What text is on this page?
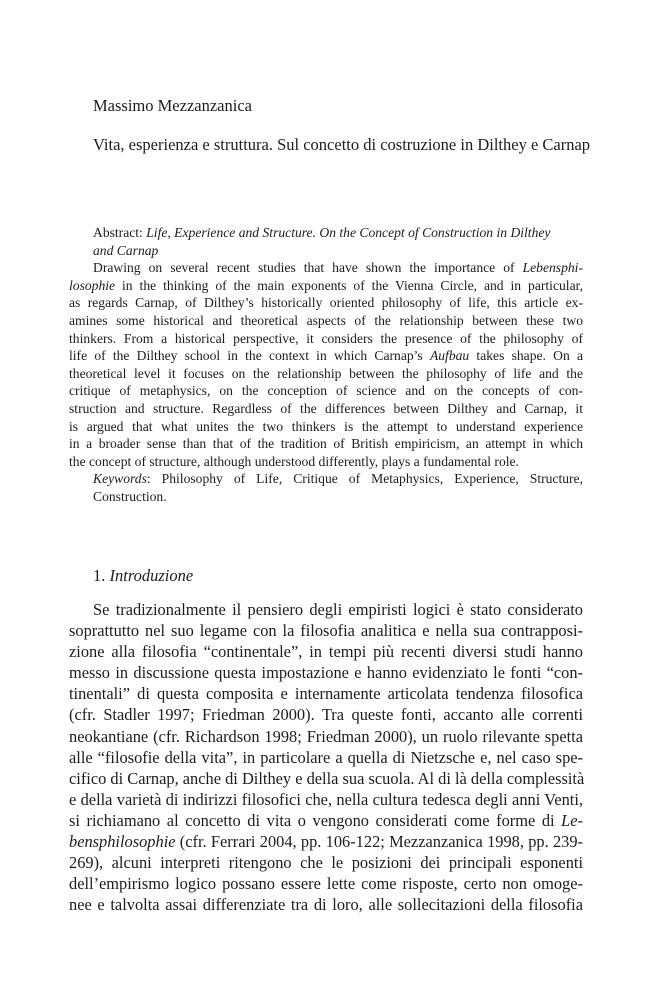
Massimo Mezzanzanica
Vita, esperienza e struttura. Sul concetto di costruzione in Dilthey e Carnap
Abstract: Life, Experience and Structure. On the Concept of Construction in Dilthey
and Carnap
Drawing on several recent studies that have shown the importance of Lebensphi-
losophie in the thinking of the main exponents of the Vienna Circle, and in particular,
as regards Carnap, of Dilthey’s historically oriented philosophy of life, this article ex-
amines some historical and theoretical aspects of the relationship between these two
thinkers. From a historical perspective, it considers the presence of the philosophy of
life of the Dilthey school in the context in which Carnap’s Aufbau takes shape. On a
theoretical level it focuses on the relationship between the philosophy of life and the
critique of metaphysics, on the conception of science and on the concepts of con-
struction and structure. Regardless of the differences between Dilthey and Carnap, it
is argued that what unites the two thinkers is the attempt to understand experience
in a broader sense than that of the tradition of British empiricism, an attempt in which
the concept of structure, although understood differently, plays a fundamental role.
Keywords: Philosophy of Life, Critique of Metaphysics, Experience, Structure,
Construction.
1. Introduzione
Se tradizionalmente il pensiero degli empiristi logici è stato considerato
soprattutto nel suo legame con la filosofia analitica e nella sua contrapposi-
zione alla filosofia “continentale”, in tempi più recenti diversi studi hanno
messo in discussione questa impostazione e hanno evidenziato le fonti “con-
tinentali” di questa composita e internamente articolata tendenza filosofica
(cfr. Stadler 1997; Friedman 2000). Tra queste fonti, accanto alle correnti
neokantiane (cfr. Richardson 1998; Friedman 2000), un ruolo rilevante spetta
alle “filosofie della vita”, in particolare a quella di Nietzsche e, nel caso spe-
cifico di Carnap, anche di Dilthey e della sua scuola. Al di là della complessità
e della varietà di indirizzi filosofici che, nella cultura tedesca degli anni Venti,
si richiamano al concetto di vita o vengono considerati come forme di Le-
bensphilosophie (cfr. Ferrari 2004, pp. 106-122; Mezzanzanica 1998, pp. 239-
269), alcuni interpreti ritengono che le posizioni dei principali esponenti
dell’empirismo logico possano essere lette come risposte, certo non omoge-
nee e talvolta assai differenziate tra di loro, alle sollecitazioni della filosofia
